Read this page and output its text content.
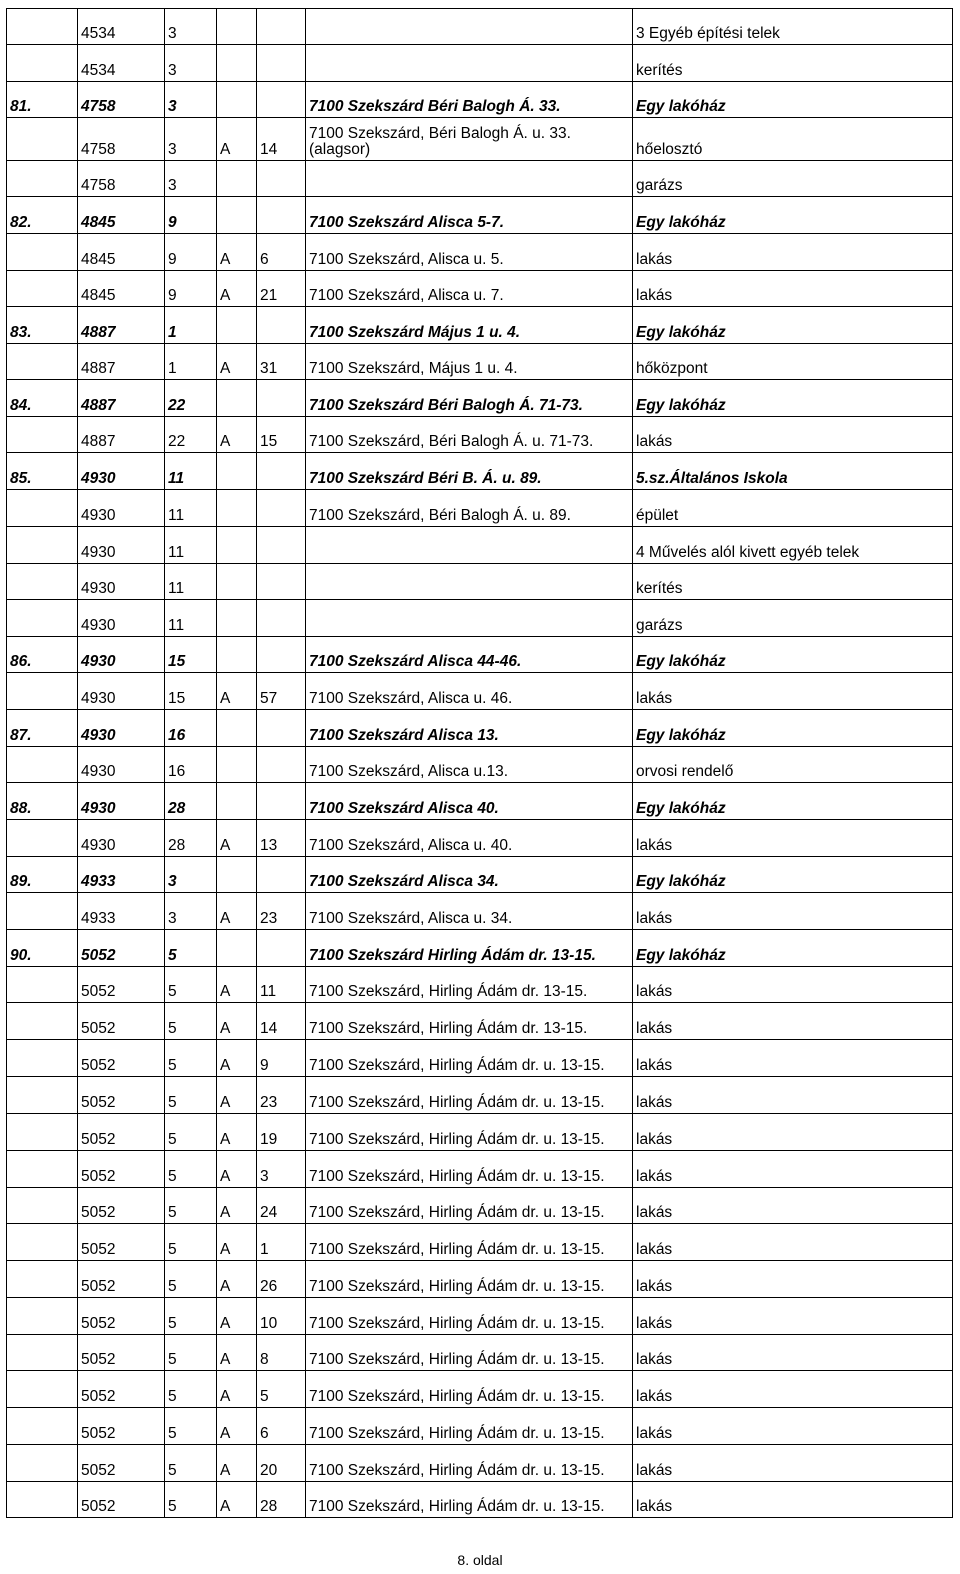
	4534	3				3 Egyéb építési telek
	4534	3				kerítés
81.	4758	3			7100 Szekszárd Béri Balogh Á. 33.	Egy lakóház
	4758	3	A	14	7100 Szekszárd, Béri Balogh Á. u. 33. (alagsor)	hőelosztó
	4758	3				garázs
82.	4845	9			7100 Szekszárd Alisca 5-7.	Egy lakóház
	4845	9	A	6	7100 Szekszárd, Alisca u. 5.	lakás
	4845	9	A	21	7100 Szekszárd, Alisca u. 7.	lakás
83.	4887	1			7100 Szekszárd Május 1 u. 4.	Egy lakóház
	4887	1	A	31	7100 Szekszárd, Május 1 u. 4.	hőközpont
84.	4887	22			7100 Szekszárd Béri Balogh Á. 71-73.	Egy lakóház
	4887	22	A	15	7100 Szekszárd, Béri Balogh Á. u. 71-73.	lakás
85.	4930	11			7100 Szekszárd Béri B. Á. u. 89.	5.sz.Általános Iskola
	4930	11			7100 Szekszárd, Béri Balogh Á. u. 89.	épület
	4930	11				4 Művelés alól kivett egyéb telek
	4930	11				kerítés
	4930	11				garázs
86.	4930	15			7100 Szekszárd Alisca 44-46.	Egy lakóház
	4930	15	A	57	7100 Szekszárd, Alisca u. 46.	lakás
87.	4930	16			7100 Szekszárd Alisca 13.	Egy lakóház
	4930	16			7100 Szekszárd, Alisca u.13.	orvosi rendelő
88.	4930	28			7100 Szekszárd Alisca 40.	Egy lakóház
	4930	28	A	13	7100 Szekszárd, Alisca u. 40.	lakás
89.	4933	3			7100 Szekszárd Alisca 34.	Egy lakóház
	4933	3	A	23	7100 Szekszárd, Alisca u. 34.	lakás
90.	5052	5			7100 Szekszárd Hirling Ádám dr. 13-15.	Egy lakóház
	5052	5	A	11	7100 Szekszárd, Hirling Ádám dr. 13-15.	lakás
	5052	5	A	14	7100 Szekszárd, Hirling Ádám dr. 13-15.	lakás
	5052	5	A	9	7100 Szekszárd, Hirling Ádám dr. u. 13-15.	lakás
	5052	5	A	23	7100 Szekszárd, Hirling Ádám dr. u. 13-15.	lakás
	5052	5	A	19	7100 Szekszárd, Hirling Ádám dr. u. 13-15.	lakás
	5052	5	A	3	7100 Szekszárd, Hirling Ádám dr. u. 13-15.	lakás
	5052	5	A	24	7100 Szekszárd, Hirling Ádám dr. u. 13-15.	lakás
	5052	5	A	1	7100 Szekszárd, Hirling Ádám dr. u. 13-15.	lakás
	5052	5	A	26	7100 Szekszárd, Hirling Ádám dr. u. 13-15.	lakás
	5052	5	A	10	7100 Szekszárd, Hirling Ádám dr. u. 13-15.	lakás
	5052	5	A	8	7100 Szekszárd, Hirling Ádám dr. u. 13-15.	lakás
	5052	5	A	5	7100 Szekszárd, Hirling Ádám dr. u. 13-15.	lakás
	5052	5	A	6	7100 Szekszárd, Hirling Ádám dr. u. 13-15.	lakás
	5052	5	A	20	7100 Szekszárd, Hirling Ádám dr. u. 13-15.	lakás
	5052	5	A	28	7100 Szekszárd, Hirling Ádám dr. u. 13-15.	lakás
8. oldal
